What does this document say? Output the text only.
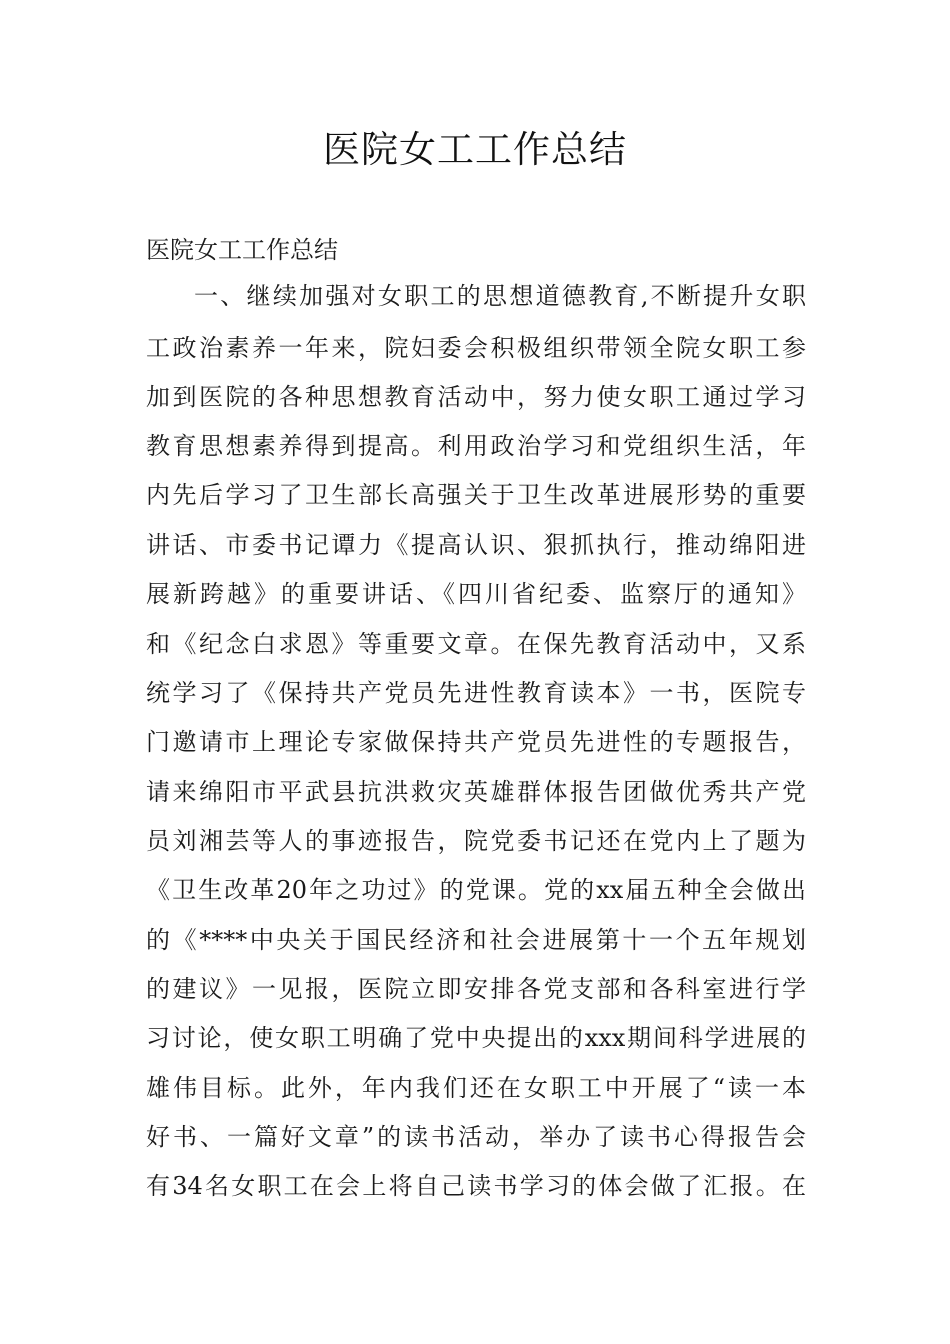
医院女工工作总结
医院女工工作总结
一、继续加强对女职工的思想道德教育,不断提升女职
工政治素养一年来，院妇委会积极组织带领全院女职工参
加到医院的各种思想教育活动中，努力使女职工通过学习
教育思想素养得到提高。利用政治学习和党组织生活，年
内先后学习了卫生部长高强关于卫生改革进展形势的重要
讲话、市委书记谭力《提高认识、狠抓执行，推动绵阳进
展新跨越》的重要讲话、《四川省纪委、监察厅的通知》
和《纪念白求恩》等重要文章。在保先教育活动中，又系
统学习了《保持共产党员先进性教育读本》一书，医院专
门邀请市上理论专家做保持共产党员先进性的专题报告，
请来绵阳市平武县抗洪救灾英雄群体报告团做优秀共产党
员刘湘芸等人的事迹报告，院党委书记还在党内上了题为
《卫生改革20年之功过》的党课。党的xx届五种全会做出
的《****中央关于国民经济和社会进展第十一个五年规划
的建议》一见报，医院立即安排各党支部和各科室进行学
习讨论，使女职工明确了党中央提出的xxx期间科学进展的
雄伟目标。此外，年内我们还在女职工中开展了“读一本
好书、一篇好文章”的读书活动，举办了读书心得报告会
有34名女职工在会上将自己读书学习的体会做了汇报。在
